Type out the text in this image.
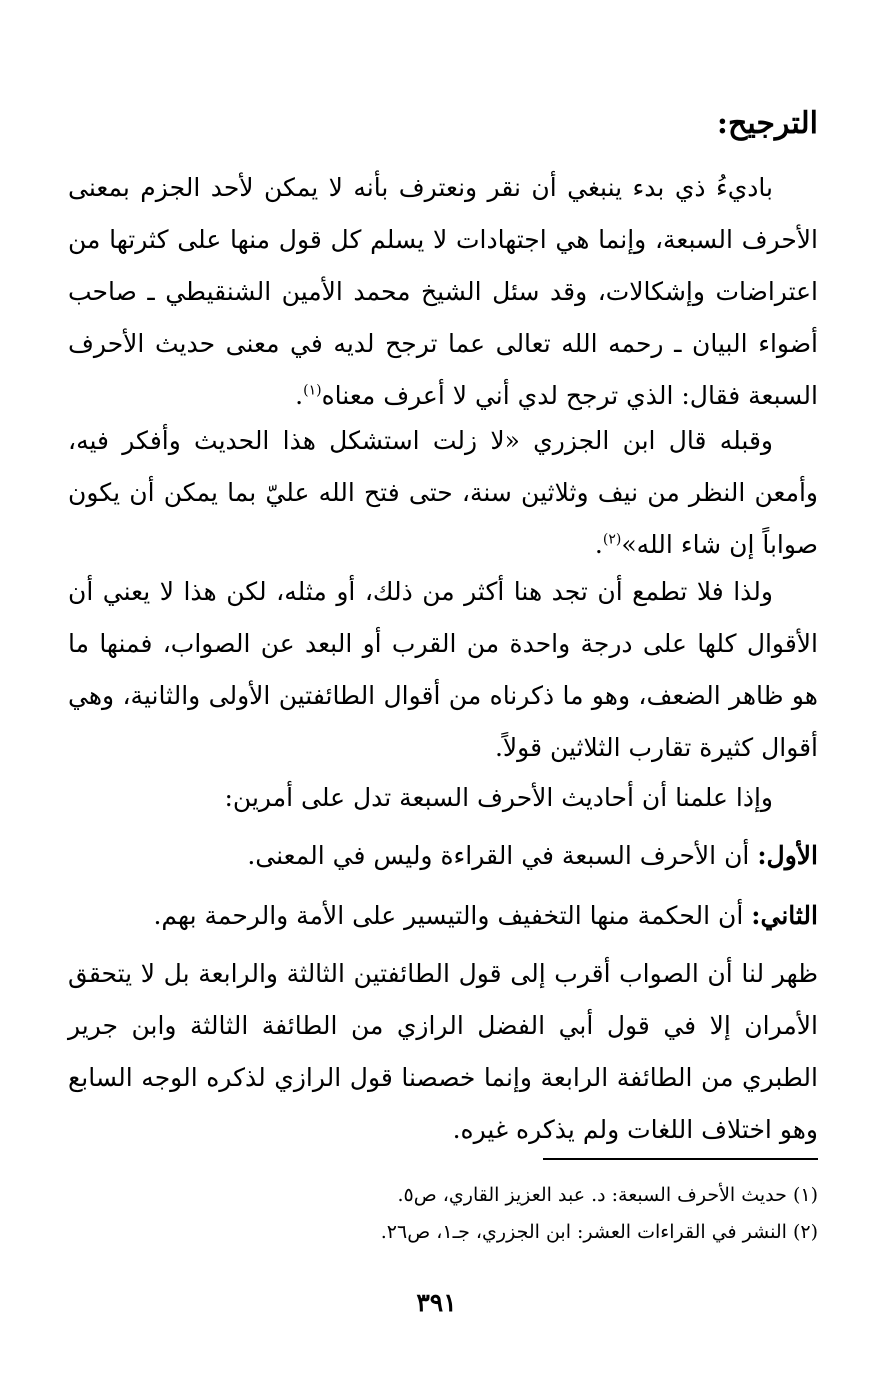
الترجيح:

باديءُ ذي بدء ينبغي أن نقر ونعترف بأنه لا يمكن لأحد الجزم بمعنى الأحرف السبعة، وإنما هي اجتهادات لا يسلم كل قول منها على كثرتها من اعتراضات وإشكالات، وقد سئل الشيخ محمد الأمين الشنقيطي ـ صاحب أضواء البيان ـ رحمه الله تعالى عما ترجح لديه في معنى حديث الأحرف السبعة فقال: الذي ترجح لدي أني لا أعرف معناه$^{(١)}$.

وقبله قال ابن الجزري «لا زلت استشكل هذا الحديث وأفكر فيه، وأمعن النظر من نيف وثلاثين سنة، حتى فتح الله عليّ بما يمكن أن يكون صواباً إن شاء الله»$^{(٢)}$.

ولذا فلا تطمع أن تجد هنا أكثر من ذلك، أو مثله، لكن هذا لا يعني أن الأقوال كلها على درجة واحدة من القرب أو البعد عن الصواب، فمنها ما هو ظاهر الضعف، وهو ما ذكرناه من أقوال الطائفتين الأولى والثانية، وهي أقوال كثيرة تقارب الثلاثين قولاً.

وإذا علمنا أن أحاديث الأحرف السبعة تدل على أمرين:

الأول: أن الأحرف السبعة في القراءة وليس في المعنى.

الثاني: أن الحكمة منها التخفيف والتيسير على الأمة والرحمة بهم.

ظهر لنا أن الصواب أقرب إلى قول الطائفتين الثالثة والرابعة بل لا يتحقق الأمران إلا في قول أبي الفضل الرازي من الطائفة الثالثة وابن جرير الطبري من الطائفة الرابعة وإنما خصصنا قول الرازي لذكره الوجه السابع وهو اختلاف اللغات ولم يذكره غيره.

(١) حديث الأحرف السبعة: د. عبد العزيز القاري، ص٥.

(٢) النشر في القراءات العشر: ابن الجزري، جـ١، ص٢٦.

٣٩١
